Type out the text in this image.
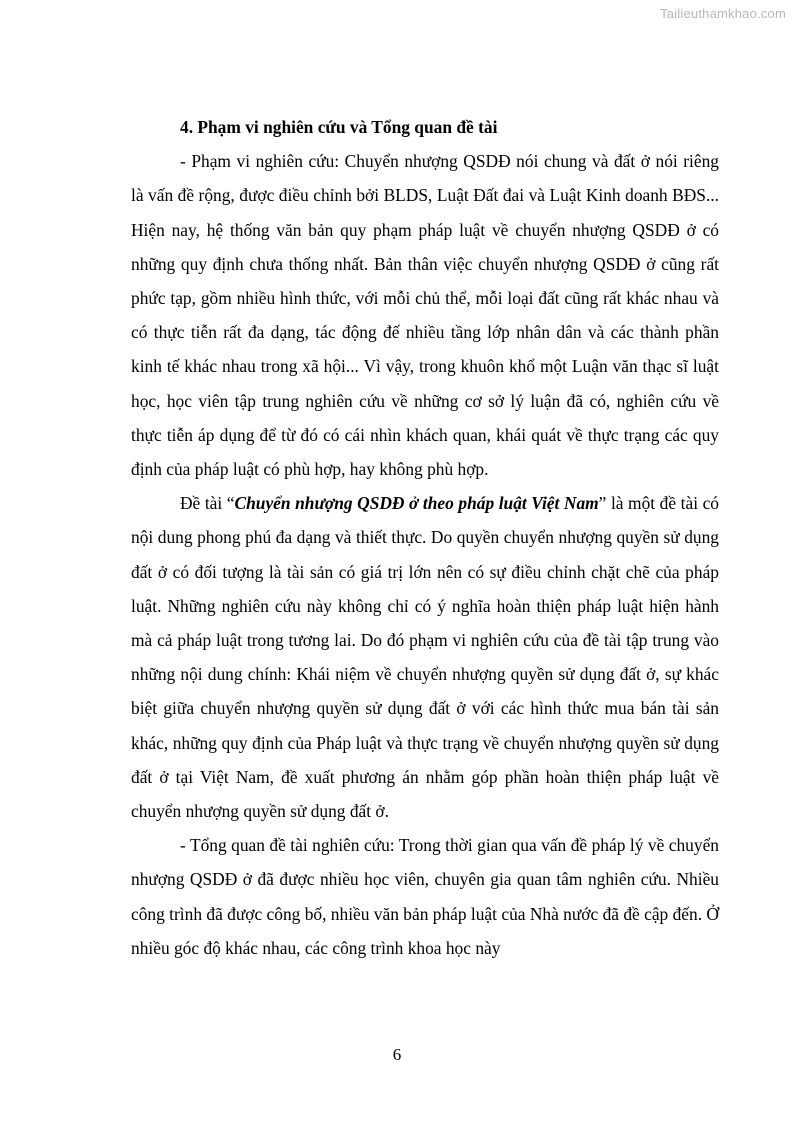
Tailieuthamkhao.com

4. Phạm vi nghiên cứu và Tổng quan đề tài

- Phạm vi nghiên cứu: Chuyển nhượng QSDĐ nói chung và đất ở nói riêng là vấn đề rộng, được điều chỉnh bởi BLDS, Luật Đất đai và Luật Kinh doanh BĐS... Hiện nay, hệ thống văn bản quy phạm pháp luật về chuyển nhượng QSDĐ ở có những quy định chưa thống nhất. Bản thân việc chuyển nhượng QSDĐ ở cũng rất phức tạp, gồm nhiều hình thức, với mỗi chủ thể, mỗi loại đất cũng rất khác nhau và có thực tiễn rất đa dạng, tác động đế nhiều tầng lớp nhân dân và các thành phần kinh tế khác nhau trong xã hội... Vì vậy, trong khuôn khổ một Luận văn thạc sĩ luật học, học viên tập trung nghiên cứu về những cơ sở lý luận đã có, nghiên cứu về thực tiễn áp dụng để từ đó có cái nhìn khách quan, khái quát về thực trạng các quy định của pháp luật có phù hợp, hay không phù hợp.

Đề tài “Chuyển nhượng QSDĐ ở theo pháp luật Việt Nam” là một đề tài có nội dung phong phú đa dạng và thiết thực. Do quyền chuyển nhượng quyền sử dụng đất ở có đối tượng là tài sản có giá trị lớn nên có sự điều chỉnh chặt chẽ của pháp luật. Những nghiên cứu này không chỉ có ý nghĩa hoàn thiện pháp luật hiện hành mà cả pháp luật trong tương lai. Do đó phạm vi nghiên cứu của đề tài tập trung vào những nội dung chính: Khái niệm về chuyển nhượng quyền sử dụng đất ở, sự khác biệt giữa chuyển nhượng quyền sử dụng đất ở với các hình thức mua bán tài sản khác, những quy định của Pháp luật và thực trạng về chuyển nhượng quyền sử dụng đất ở tại Việt Nam, đề xuất phương án nhằm góp phần hoàn thiện pháp luật về chuyển nhượng quyền sử dụng đất ở.

- Tổng quan đề tài nghiên cứu: Trong thời gian qua vấn đề pháp lý về chuyển nhượng QSDĐ ở đã được nhiều học viên, chuyên gia quan tâm nghiên cứu. Nhiều công trình đã được công bố, nhiều văn bản pháp luật của Nhà nước đã đề cập đến. Ở nhiều góc độ khác nhau, các công trình khoa học này

6
